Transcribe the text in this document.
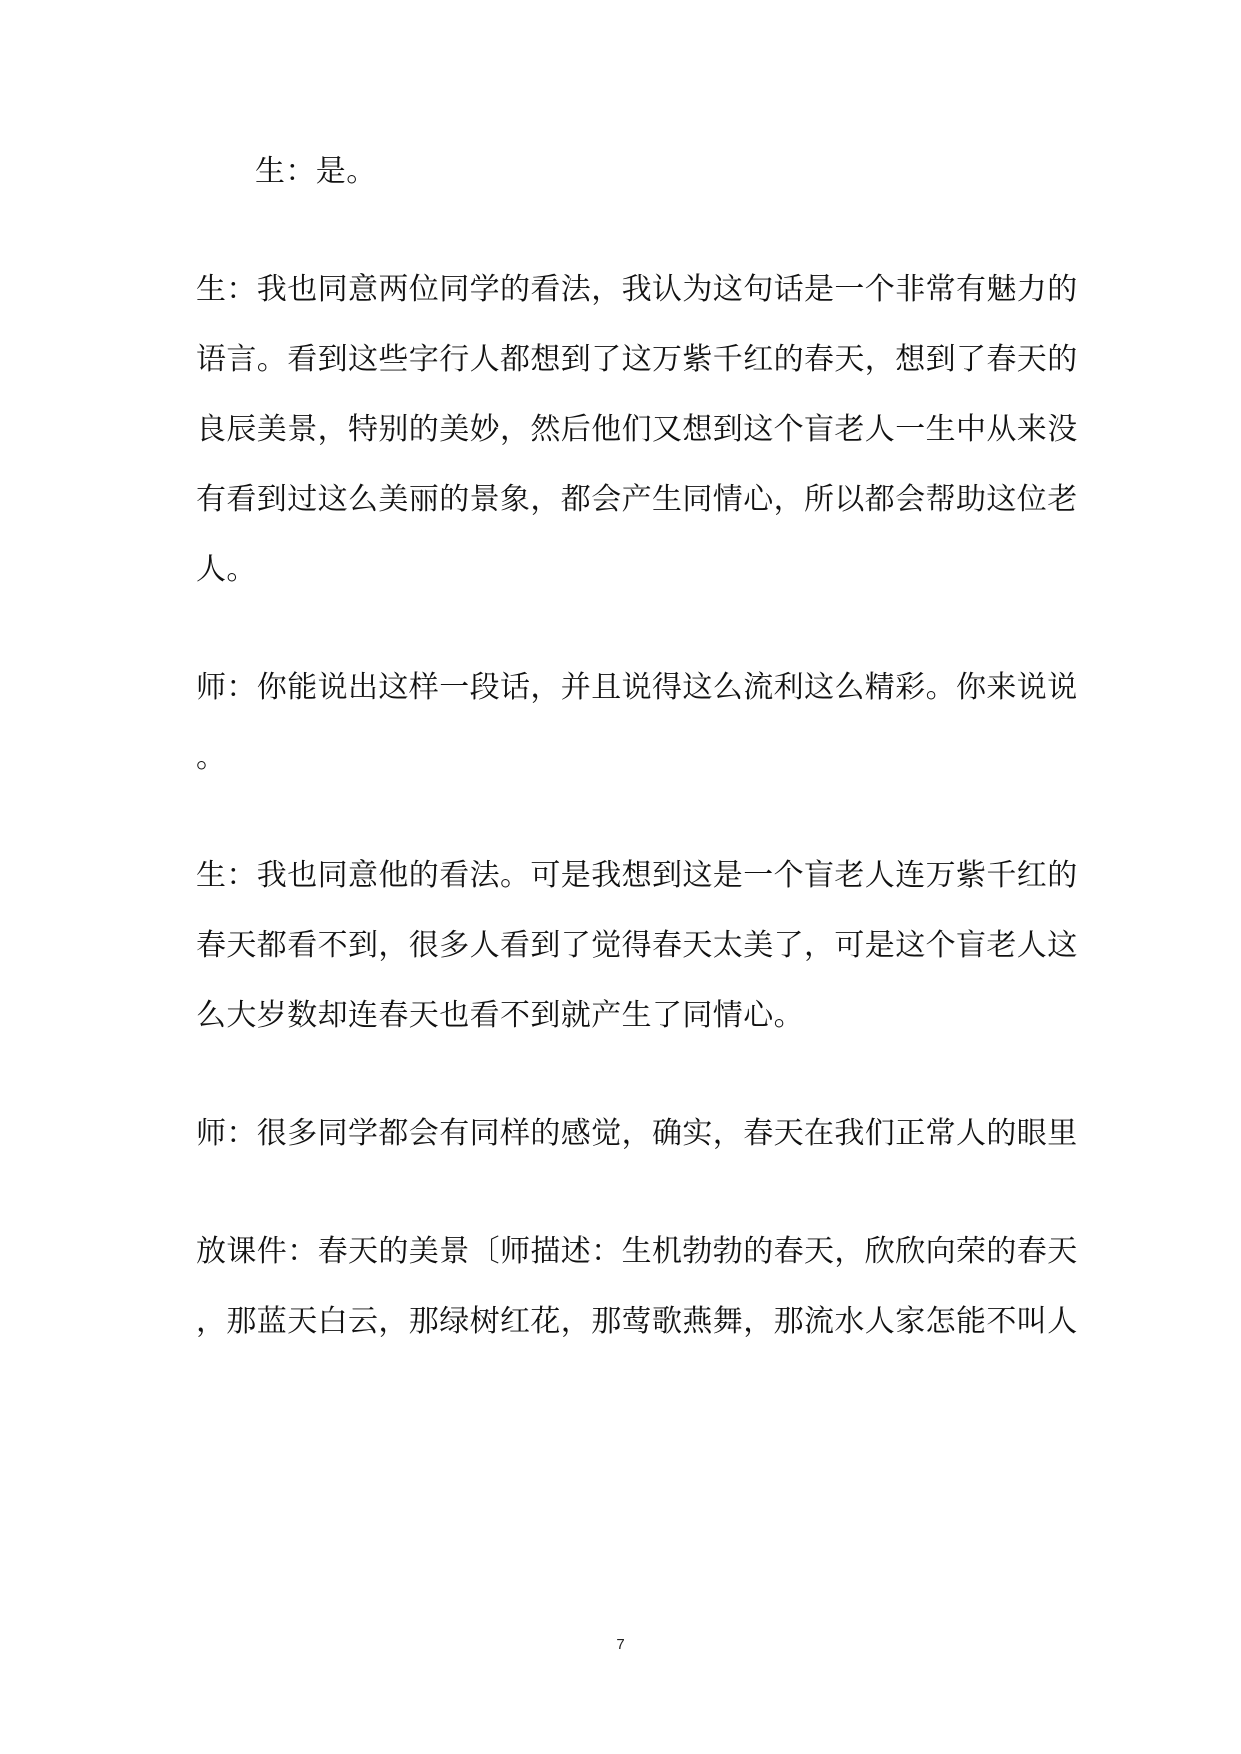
生：是。
生：我也同意两位同学的看法，我认为这句话是一个非常有魅力的
语言。看到这些字行人都想到了这万紫千红的春天，想到了春天的
良辰美景，特别的美妙，然后他们又想到这个盲老人一生中从来没
有看到过这么美丽的景象，都会产生同情心，所以都会帮助这位老
人。
师：你能说出这样一段话，并且说得这么流利这么精彩。你来说说
。
生：我也同意他的看法。可是我想到这是一个盲老人连万紫千红的
春天都看不到，很多人看到了觉得春天太美了，可是这个盲老人这
么大岁数却连春天也看不到就产生了同情心。
师：很多同学都会有同样的感觉，确实，春天在我们正常人的眼里
放课件：春天的美景〔师描述：生机勃勃的春天，欣欣向荣的春天
，那蓝天白云，那绿树红花，那莺歌燕舞，那流水人家怎能不叫人
7
